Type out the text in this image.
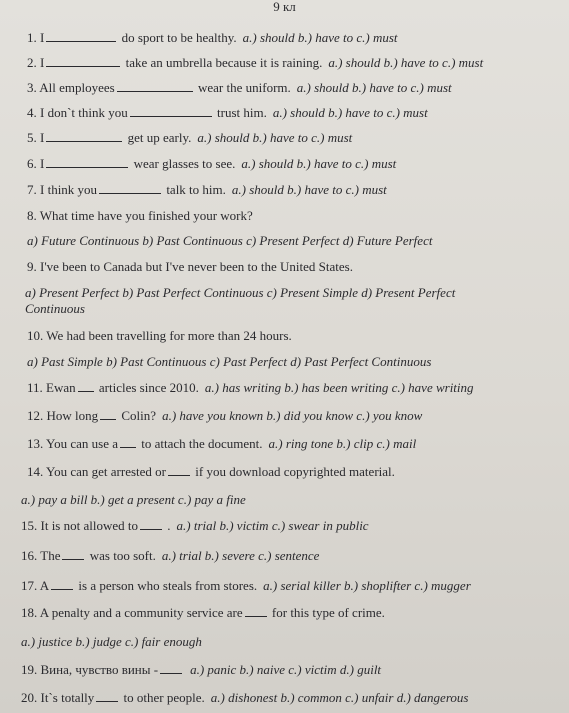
9 кл
1. I	do sport to be healthy. a.) should b.) have to c.) must
2. I	take an umbrella because it is raining. a.) should b.) have to c.) must
3. All employees	wear the uniform. a.) should b.) have to c.) must
4. I don`t think you	trust him. a.) should b.) have to c.) must
5. I	get up early. a.) should b.) have to c.) must
6. I	wear glasses to see. a.) should b.) have to c.) must
7. I think you	talk to him. a.) should b.) have to c.) must
8. What time have you finished your work?
a) Future Continuous b) Past Continuous c) Present Perfect d) Future Perfect
9. I've been to Canada but I've never been to the United States.
a) Present Perfect b) Past Perfect Continuous c) Present Simple d) Present Perfect
Continuous
10. We had been travelling for more than 24 hours.
a) Past Simple b) Past Continuous c) Past Perfect d) Past Perfect Continuous
11. Ewan articles since 2010. a.) has writing b.) has been writing c.) have writing
12. How long Colin? a.) have you known b.) did you know c.) you know
13. You can use a to attach the document. a.) ring tone b.) clip c.) mail
14. You can get arrested or if you download copyrighted material.
a.) pay a bill b.) get a present c.) pay a fine
15. It is not allowed to . a.) trial b.) victim c.) swear in public
16. The was too soft. a.) trial b.) severe c.) sentence
17. A is a person who steals from stores. a.) serial killer b.) shoplifter c.) mugger
18. A penalty and a community service are for this type of crime.
a.) justice b.) judge c.) fair enough
19. Вина, чувство вины - a.) panic b.) naive c.) victim d.) guilt
20. It`s totally to other people. a.) dishonest b.) common c.) unfair d.) dangerous
